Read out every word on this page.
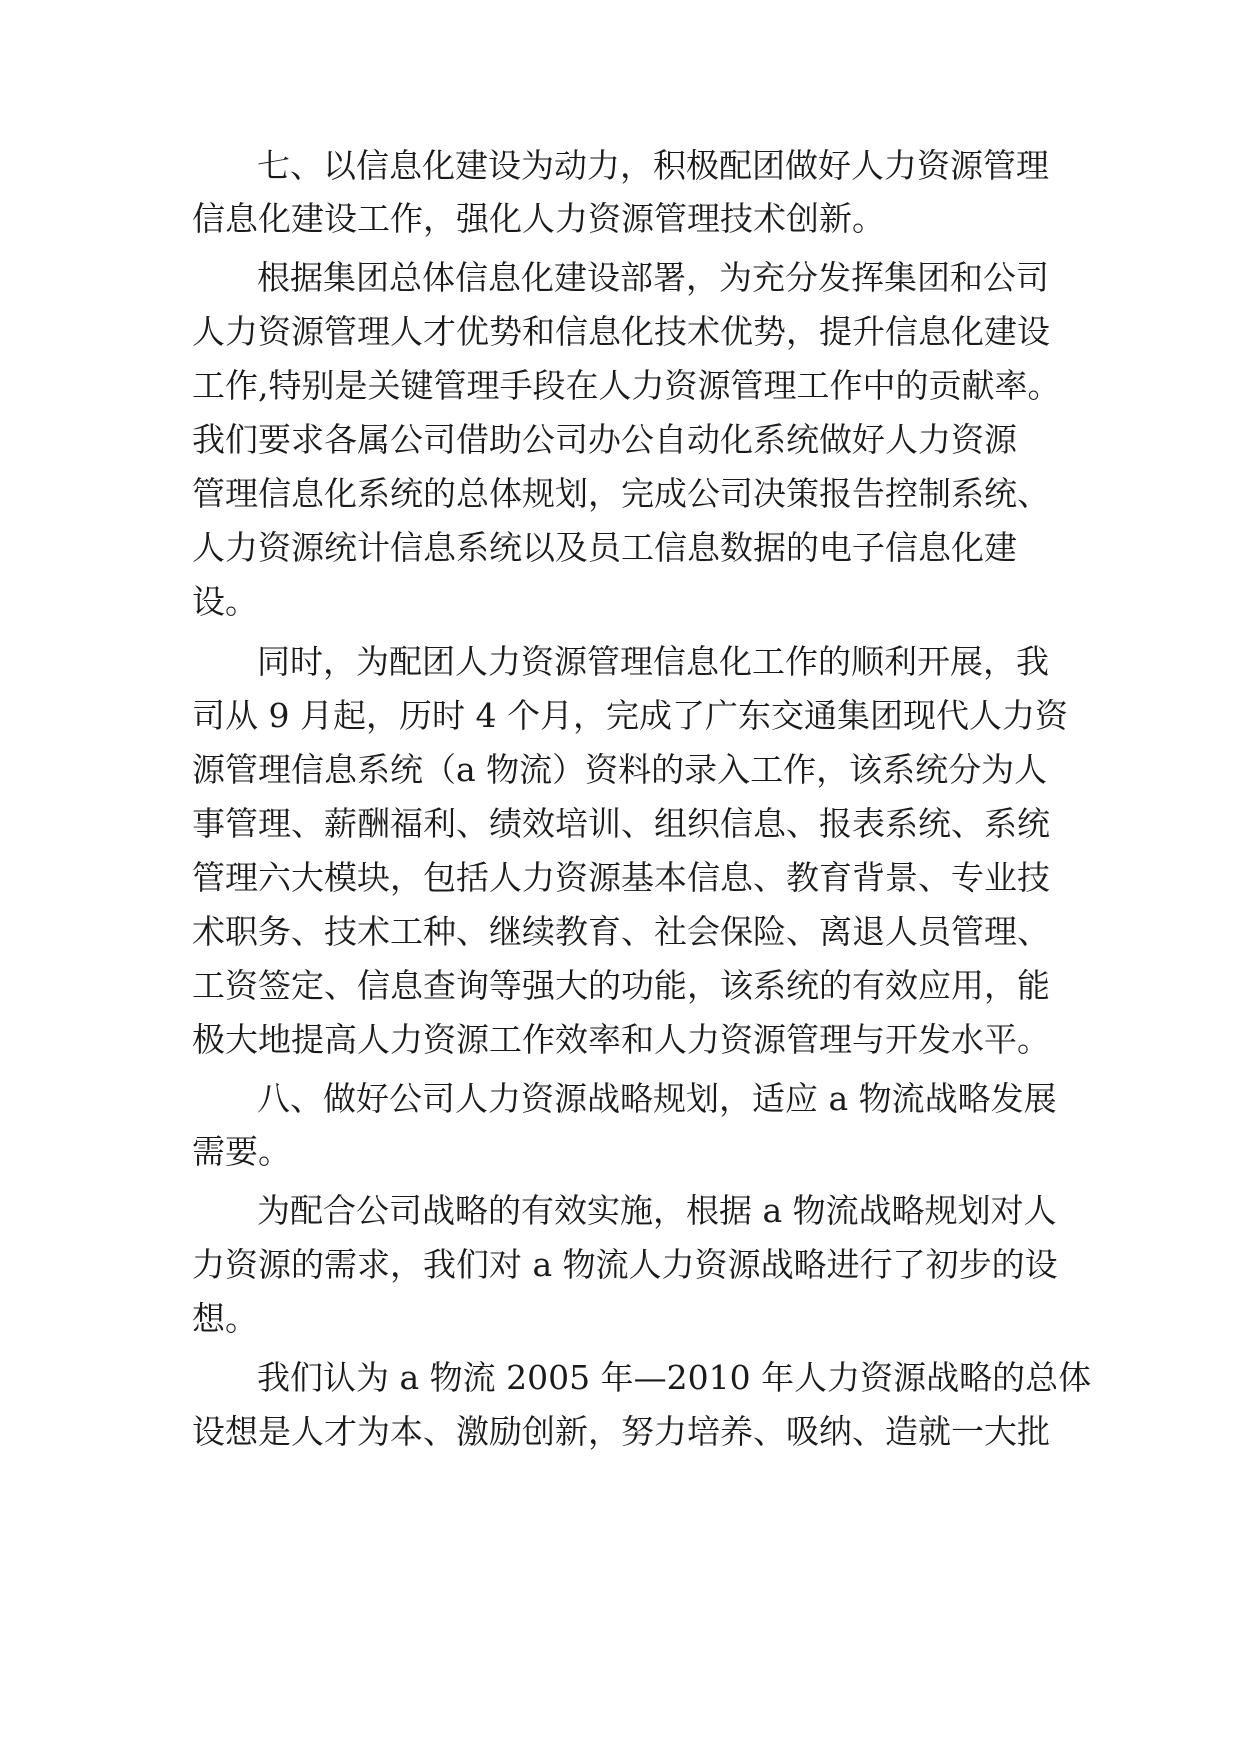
七、以信息化建设为动力，积极配团做好人力资源管理
信息化建设工作，强化人力资源管理技术创新。
根据集团总体信息化建设部署，为充分发挥集团和公司
人力资源管理人才优势和信息化技术优势，提升信息化建设
工作,特别是关键管理手段在人力资源管理工作中的贡献率。
我们要求各属公司借助公司办公自动化系统做好人力资源
管理信息化系统的总体规划，完成公司决策报告控制系统、
人力资源统计信息系统以及员工信息数据的电子信息化建
设。
同时，为配团人力资源管理信息化工作的顺利开展，我
司从 9 月起，历时 4 个月，完成了广东交通集团现代人力资
源管理信息系统（a 物流）资料的录入工作，该系统分为人
事管理、薪酬福利、绩效培训、组织信息、报表系统、系统
管理六大模块，包括人力资源基本信息、教育背景、专业技
术职务、技术工种、继续教育、社会保险、离退人员管理、
工资签定、信息查询等强大的功能，该系统的有效应用，能
极大地提高人力资源工作效率和人力资源管理与开发水平。
八、做好公司人力资源战略规划，适应 a 物流战略发展
需要。
为配合公司战略的有效实施，根据 a 物流战略规划对人
力资源的需求，我们对 a 物流人力资源战略进行了初步的设
想。
我们认为 a 物流 2005 年—2010 年人力资源战略的总体
设想是人才为本、激励创新，努力培养、吸纳、造就一大批
